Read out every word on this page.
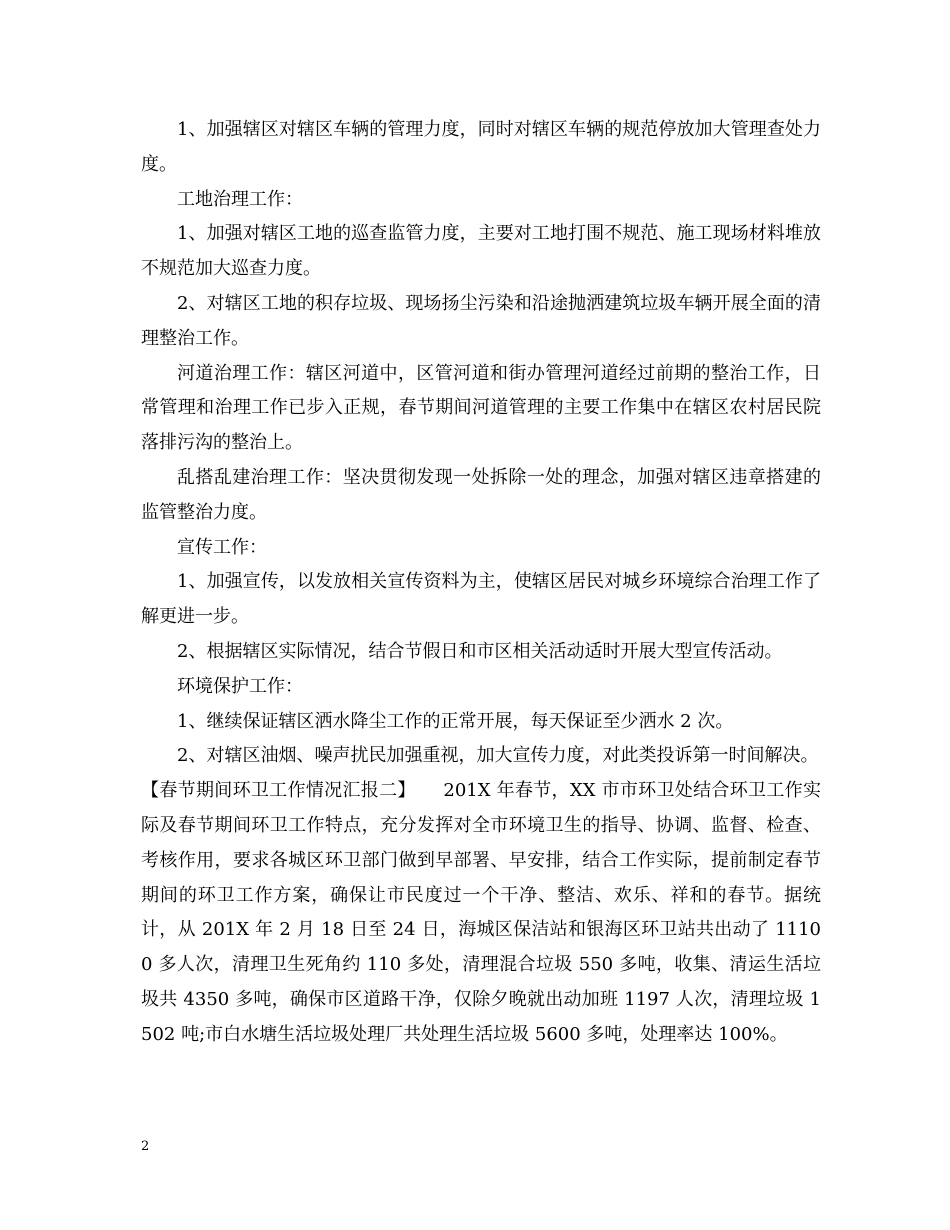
1、加强辖区对辖区车辆的管理力度，同时对辖区车辆的规范停放加大管理查处力度。

工地治理工作：

1、加强对辖区工地的巡查监管力度，主要对工地打围不规范、施工现场材料堆放不规范加大巡查力度。

2、对辖区工地的积存垃圾、现场扬尘污染和沿途抛洒建筑垃圾车辆开展全面的清理整治工作。

河道治理工作：辖区河道中，区管河道和街办管理河道经过前期的整治工作，日常管理和治理工作已步入正规，春节期间河道管理的主要工作集中在辖区农村居民院落排污沟的整治上。

乱搭乱建治理工作：坚决贯彻发现一处拆除一处的理念，加强对辖区违章搭建的监管整治力度。

宣传工作：

1、加强宣传，以发放相关宣传资料为主，使辖区居民对城乡环境综合治理工作了解更进一步。

2、根据辖区实际情况，结合节假日和市区相关活动适时开展大型宣传活动。

环境保护工作：

1、继续保证辖区洒水降尘工作的正常开展，每天保证至少洒水 2 次。

2、对辖区油烟、噪声扰民加强重视，加大宣传力度，对此类投诉第一时间解决。

【春节期间环卫工作情况汇报二】　　201X 年春节，XX 市市环卫处结合环卫工作实际及春节期间环卫工作特点，充分发挥对全市环境卫生的指导、协调、监督、检查、考核作用，要求各城区环卫部门做到早部署、早安排，结合工作实际，提前制定春节期间的环卫工作方案，确保让市民度过一个干净、整洁、欢乐、祥和的春节。据统计，从 201X 年 2 月 18 日至 24 日，海城区保洁站和银海区环卫站共出动了 11100 多人次，清理卫生死角约 110 多处，清理混合垃圾 550 多吨，收集、清运生活垃圾共 4350 多吨，确保市区道路干净，仅除夕晚就出动加班 1197 人次，清理垃圾 1502 吨;市白水塘生活垃圾处理厂共处理生活垃圾 5600 多吨，处理率达 100%。

2
